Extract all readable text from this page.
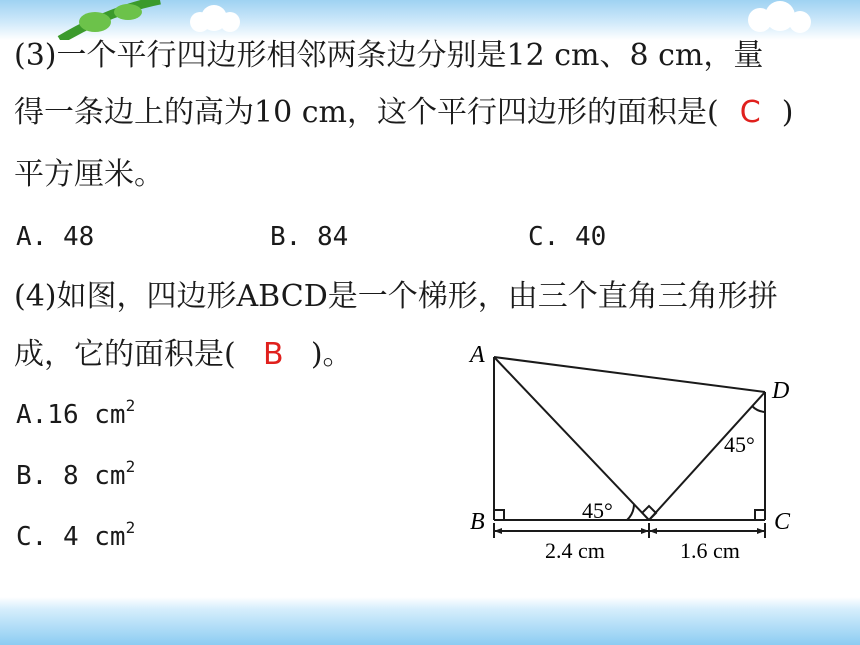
(3)一个平行四边形相邻两条边分别是12 cm、8 cm，量
得一条边上的高为10 cm，这个平行四边形的面积是( C )
平方厘米。
A. 48	B. 84	C. 40
(4)如图，四边形ABCD是一个梯形，由三个直角三角形拼
成，它的面积是( B )。
A.16 $cm^2$
B. 8 $cm^2$
C. 4 $cm^2$
A
B	C
D
45°
45°
2.4 cm	1.6 cm
